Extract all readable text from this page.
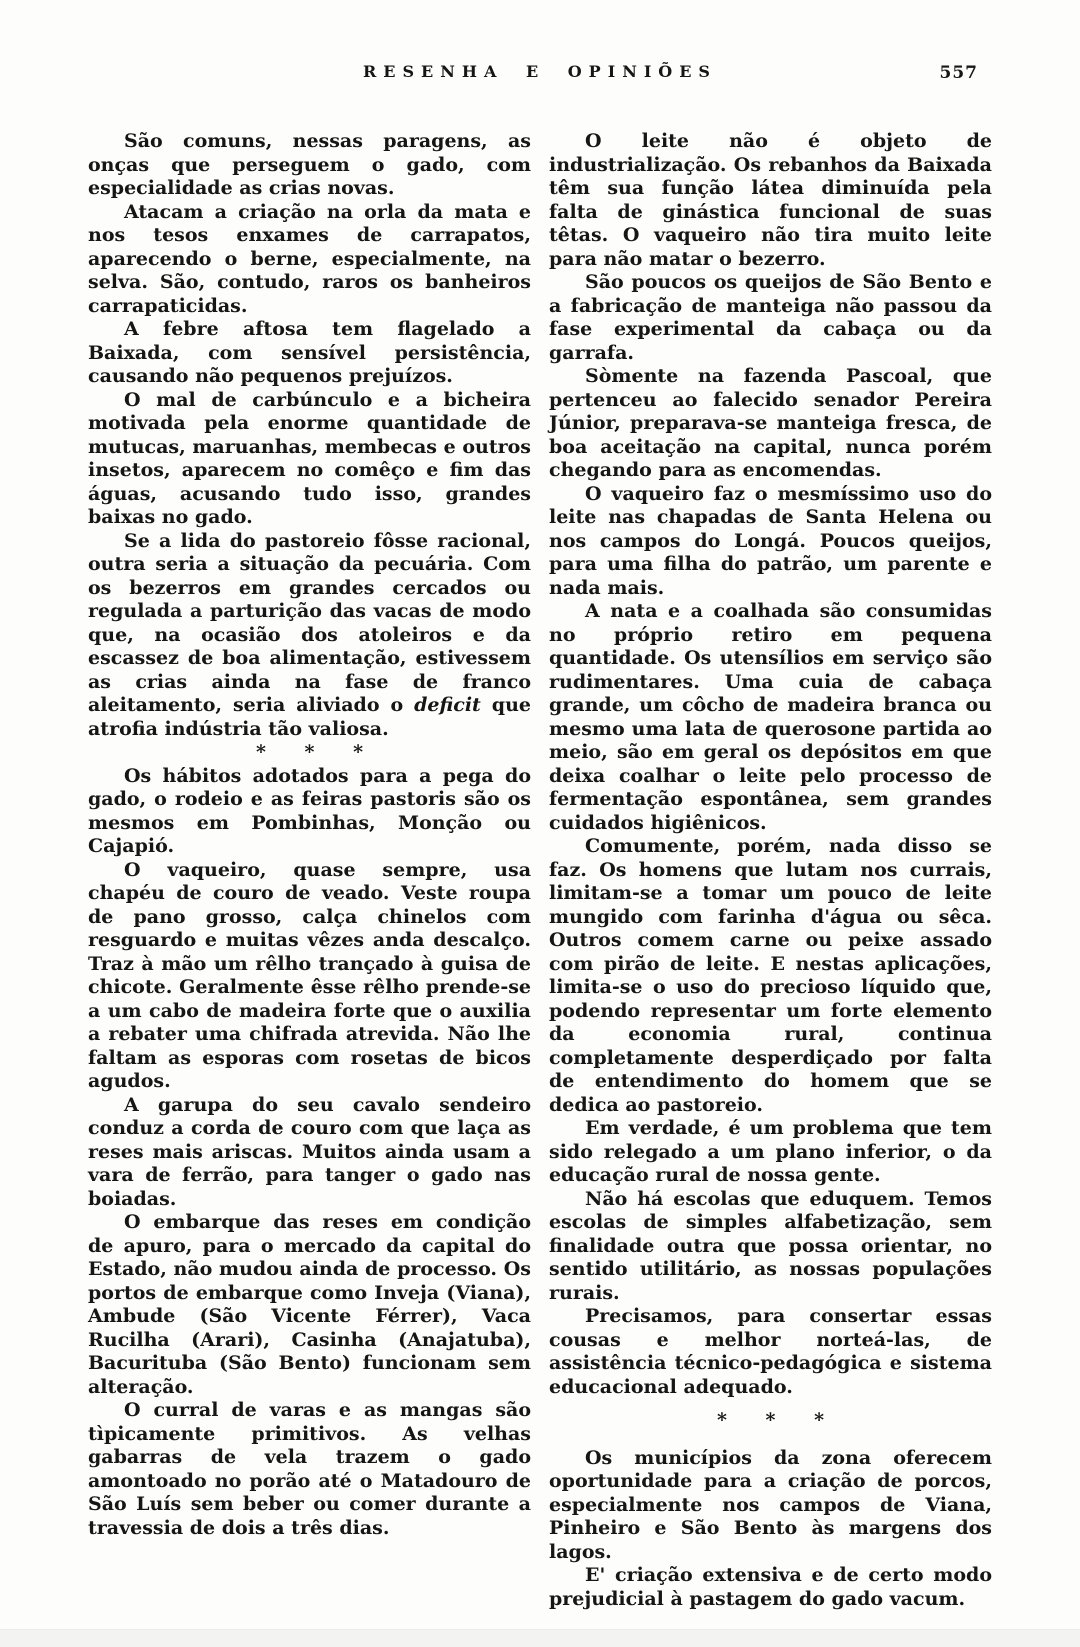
RESENHA E OPINIÕES	557

São comuns, nessas paragens, as onças que perseguem o gado, com especialidade as crias novas.

Atacam a criação na orla da mata e nos tesos enxames de carrapatos, aparecendo o berne, especialmente, na selva. São, contudo, raros os banheiros carrapaticidas.

A febre aftosa tem flagelado a Baixada, com sensível persistência, causando não pequenos prejuízos.

O mal de carbúnculo e a bicheira motivada pela enorme quantidade de mutucas, maruanhas, membecas e outros insetos, aparecem no comêço e fim das águas, acusando tudo isso, grandes baixas no gado.

Se a lida do pastoreio fôsse racional, outra seria a situação da pecuária. Com os bezerros em grandes cercados ou regulada a parturição das vacas de modo que, na ocasião dos atoleiros e da escassez de boa alimentação, estivessem as crias ainda na fase de franco aleitamento, seria aliviado o deficit que atrofia indústria tão valiosa.

* * *

Os hábitos adotados para a pega do gado, o rodeio e as feiras pastoris são os mesmos em Pombinhas, Monção ou Cajapió.

O vaqueiro, quase sempre, usa chapéu de couro de veado. Veste roupa de pano grosso, calça chinelos com resguardo e muitas vêzes anda descalço. Traz à mão um rêlho trançado à guisa de chicote. Geralmente êsse rêlho prende-se a um cabo de madeira forte que o auxilia a rebater uma chifrada atrevida. Não lhe faltam as esporas com rosetas de bicos agudos.

A garupa do seu cavalo sendeiro conduz a corda de couro com que laça as reses mais ariscas. Muitos ainda usam a vara de ferrão, para tanger o gado nas boiadas.

O embarque das reses em condição de apuro, para o mercado da capital do Estado, não mudou ainda de processo. Os portos de embarque como Inveja (Viana), Ambude (São Vicente Férrer), Vaca Rucilha (Arari), Casinha (Anajatuba), Bacurituba (São Bento) funcionam sem alteração.

O curral de varas e as mangas são tìpicamente primitivos. As velhas gabarras de vela trazem o gado amontoado no porão até o Matadouro de São Luís sem beber ou comer durante a travessia de dois a três dias.

O leite não é objeto de industrialização. Os rebanhos da Baixada têm sua função látea diminuída pela falta de ginástica funcional de suas têtas. O vaqueiro não tira muito leite para não matar o bezerro.

São poucos os queijos de São Bento e a fabricação de manteiga não passou da fase experimental da cabaça ou da garrafa.

Sòmente na fazenda Pascoal, que pertenceu ao falecido senador Pereira Júnior, preparava-se manteiga fresca, de boa aceitação na capital, nunca porém chegando para as encomendas.

O vaqueiro faz o mesmíssimo uso do leite nas chapadas de Santa Helena ou nos campos do Longá. Poucos queijos, para uma filha do patrão, um parente e nada mais.

A nata e a coalhada são consumidas no próprio retiro em pequena quantidade. Os utensílios em serviço são rudimentares. Uma cuia de cabaça grande, um côcho de madeira branca ou mesmo uma lata de querosone partida ao meio, são em geral os depósitos em que deixa coalhar o leite pelo processo de fermentação espontânea, sem grandes cuidados higiênicos.

Comumente, porém, nada disso se faz. Os homens que lutam nos currais, limitam-se a tomar um pouco de leite mungido com farinha d'água ou sêca. Outros comem carne ou peixe assado com pirão de leite. E nestas aplicações, limita-se o uso do precioso líquido que, podendo representar um forte elemento da economia rural, continua completamente desperdiçado por falta de entendimento do homem que se dedica ao pastoreio.

Em verdade, é um problema que tem sido relegado a um plano inferior, o da educação rural de nossa gente.

Não há escolas que eduquem. Temos escolas de simples alfabetização, sem finalidade outra que possa orientar, no sentido utilitário, as nossas populações rurais.

Precisamos, para consertar essas cousas e melhor norteá-las, de assistência técnico-pedagógica e sistema educacional adequado.

* * *

Os municípios da zona oferecem oportunidade para a criação de porcos, especialmente nos campos de Viana, Pinheiro e São Bento às margens dos lagos.

E' criação extensiva e de certo modo prejudicial à pastagem do gado vacum.
